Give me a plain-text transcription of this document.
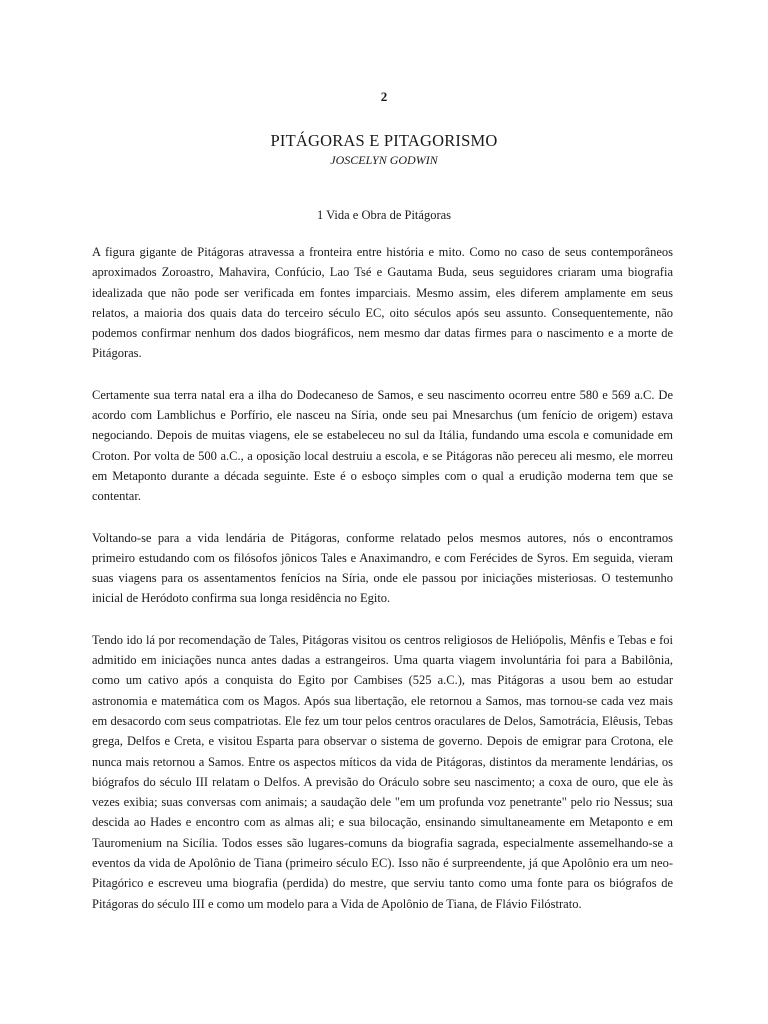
2
PITÁGORAS E PITAGORISMO
JOSCELYN GODWIN
1 Vida e Obra de Pitágoras

A figura gigante de Pitágoras atravessa a fronteira entre história e mito. Como no caso de seus contemporâneos aproximados Zoroastro, Mahavira, Confúcio, Lao Tsé e Gautama Buda, seus seguidores criaram uma biografia idealizada que não pode ser verificada em fontes imparciais. Mesmo assim, eles diferem amplamente em seus relatos, a maioria dos quais data do terceiro século EC, oito séculos após seu assunto. Consequentemente, não podemos confirmar nenhum dos dados biográficos, nem mesmo dar datas firmes para o nascimento e a morte de Pitágoras.

Certamente sua terra natal era a ilha do Dodecaneso de Samos, e seu nascimento ocorreu entre 580 e 569 a.C. De acordo com Lamblichus e Porfírio, ele nasceu na Síria, onde seu pai Mnesarchus (um fenício de origem) estava negociando. Depois de muitas viagens, ele se estabeleceu no sul da Itália, fundando uma escola e comunidade em Croton. Por volta de 500 a.C., a oposição local destruiu a escola, e se Pitágoras não pereceu ali mesmo, ele morreu em Metaponto durante a década seguinte. Este é o esboço simples com o qual a erudição moderna tem que se contentar.

Voltando-se para a vida lendária de Pitágoras, conforme relatado pelos mesmos autores, nós o encontramos primeiro estudando com os filósofos jônicos Tales e Anaximandro, e com Ferécides de Syros. Em seguida, vieram suas viagens para os assentamentos fenícios na Síria, onde ele passou por iniciações misteriosas. O testemunho inicial de Heródoto confirma sua longa residência no Egito.

Tendo ido lá por recomendação de Tales, Pitágoras visitou os centros religiosos de Heliópolis, Mênfis e Tebas e foi admitido em iniciações nunca antes dadas a estrangeiros. Uma quarta viagem involuntária foi para a Babilônia, como um cativo após a conquista do Egito por Cambises (525 a.C.), mas Pitágoras a usou bem ao estudar astronomia e matemática com os Magos. Após sua libertação, ele retornou a Samos, mas tornou-se cada vez mais em desacordo com seus compatriotas. Ele fez um tour pelos centros oraculares de Delos, Samotrácia, Elêusis, Tebas grega, Delfos e Creta, e visitou Esparta para observar o sistema de governo. Depois de emigrar para Crotona, ele nunca mais retornou a Samos. Entre os aspectos míticos da vida de Pitágoras, distintos da meramente lendárias, os biógrafos do século III relatam o Delfos. A previsão do Oráculo sobre seu nascimento; a coxa de ouro, que ele às vezes exibia; suas conversas com animais; a saudação dele "em um profunda voz penetrante" pelo rio Nessus; sua descida ao Hades e encontro com as almas ali; e sua bilocação, ensinando simultaneamente em Metaponto e em Tauromenium na Sicília. Todos esses são lugares-comuns da biografia sagrada, especialmente assemelhando-se a eventos da vida de Apolônio de Tiana (primeiro século EC). Isso não é surpreendente, já que Apolônio era um neo-Pitagórico e escreveu uma biografia (perdida) do mestre, que serviu tanto como uma fonte para os biógrafos de Pitágoras do século III e como um modelo para a Vida de Apolônio de Tiana, de Flávio Filóstrato.
